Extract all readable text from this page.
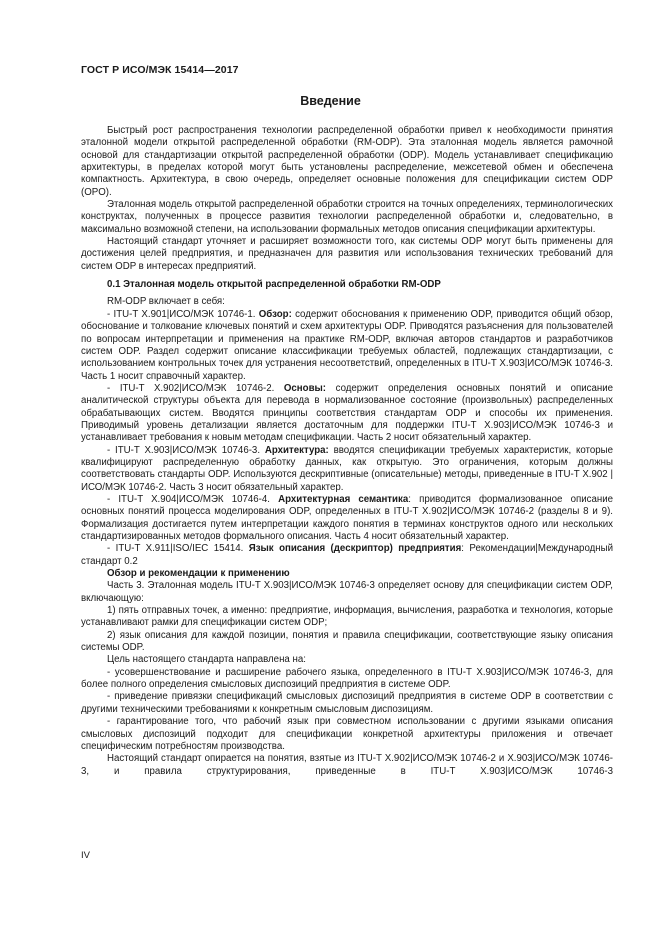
ГОСТ Р ИСО/МЭК 15414—2017
Введение

Быстрый рост распространения технологии распределенной обработки привел к необходимости принятия эталонной модели открытой распределенной обработки (RM-ODP). Эта эталонная модель является рамочной основой для стандартизации открытой распределенной обработки (ODP). Модель устанавливает спецификацию архитектуры, в пределах которой могут быть установлены распределение, межсетевой обмен и обеспечена компактность. Архитектура, в свою очередь, определяет основные положения для спецификации систем ODP (OPO).

Эталонная модель открытой распределенной обработки строится на точных определениях, терминологических конструктах, полученных в процессе развития технологии распределенной обработки и, следовательно, в максимально возможной степени, на использовании формальных методов описания спецификации архитектуры.

Настоящий стандарт уточняет и расширяет возможности того, как системы ODP могут быть применены для достижения целей предприятия, и предназначен для развития или использования технических требований для систем ODP в интересах предприятий.

0.1 Эталонная модель открытой распределенной обработки RM-ODP

RM-ODP включает в себя:

- ITU-T X.901|ИСО/МЭК 10746-1. Обзор: содержит обоснования к применению ODP, приводится общий обзор, обоснование и толкование ключевых понятий и схем архитектуры ODP. Приводятся разъяснения для пользователей по вопросам интерпретации и применения на практике RM-ODP, включая авторов стандартов и разработчиков систем ODP. Раздел содержит описание классификации требуемых областей, подлежащих стандартизации, с использованием контрольных точек для устранения несоответствий, определенных в ITU-T X.903|ИСО/МЭК 10746-3. Часть 1 носит справочный характер.

- ITU-T X.902|ИСО/МЭК 10746-2. Основы: содержит определения основных понятий и описание аналитической структуры объекта для перевода в нормализованное состояние (произвольных) распределенных обрабатывающих систем. Вводятся принципы соответствия стандартам ODP и способы их применения. Приводимый уровень детализации является достаточным для поддержки ITU-T X.903|ИСО/МЭК 10746-3 и устанавливает требования к новым методам спецификации. Часть 2 носит обязательный характер.

- ITU-T X.903|ИСО/МЭК 10746-3. Архитектура: вводятся спецификации требуемых характеристик, которые квалифицируют распределенную обработку данных, как открытую. Это ограничения, которым должны соответствовать стандарты ODP. Используются дескриптивные (описательные) методы, приведенные в ITU-T X.902 | ИСО/МЭК 10746-2. Часть 3 носит обязательный характер.

- ITU-T X.904|ИСО/МЭК 10746-4. Архитектурная семантика: приводится формализованное описание основных понятий процесса моделирования ODP, определенных в ITU-T X.902|ИСО/МЭК 10746-2 (разделы 8 и 9). Формализация достигается путем интерпретации каждого понятия в терминах конструктов одного или нескольких стандартизированных методов формального описания. Часть 4 носит обязательный характер.

- ITU-T X.911|ISO/IEC 15414. Язык описания (дескриптор) предприятия: Рекомендации|Международный стандарт 0.2

Обзор и рекомендации к применению

Часть 3. Эталонная модель ITU-T X.903|ИСО/МЭК 10746-3 определяет основу для спецификации систем ODP, включающую:

1) пять отправных точек, а именно: предприятие, информация, вычисления, разработка и технология, которые устанавливают рамки для спецификации систем ODP;

2) язык описания для каждой позиции, понятия и правила спецификации, соответствующие языку описания системы ODP.

Цель настоящего стандарта направлена на:

- усовершенствование и расширение рабочего языка, определенного в ITU-T X.903|ИСО/МЭК 10746-3, для более полного определения смысловых диспозиций предприятия в системе ODP.

- приведение привязки спецификаций смысловых диспозиций предприятия в системе ODP в соответствии с другими техническими требованиями к конкретным смысловым диспозициям.

- гарантирование того, что рабочий язык при совместном использовании с другими языками описания смысловых диспозиций подходит для спецификации конкретной архитектуры приложения и отвечает специфическим потребностям производства.

Настоящий стандарт опирается на понятия, взятые из ITU-T X.902|ИСО/МЭК 10746-2 и X.903|ИСО/МЭК 10746-3, и правила структурирования, приведенные в ITU-T X.903|ИСО/МЭК 10746-3

IV
